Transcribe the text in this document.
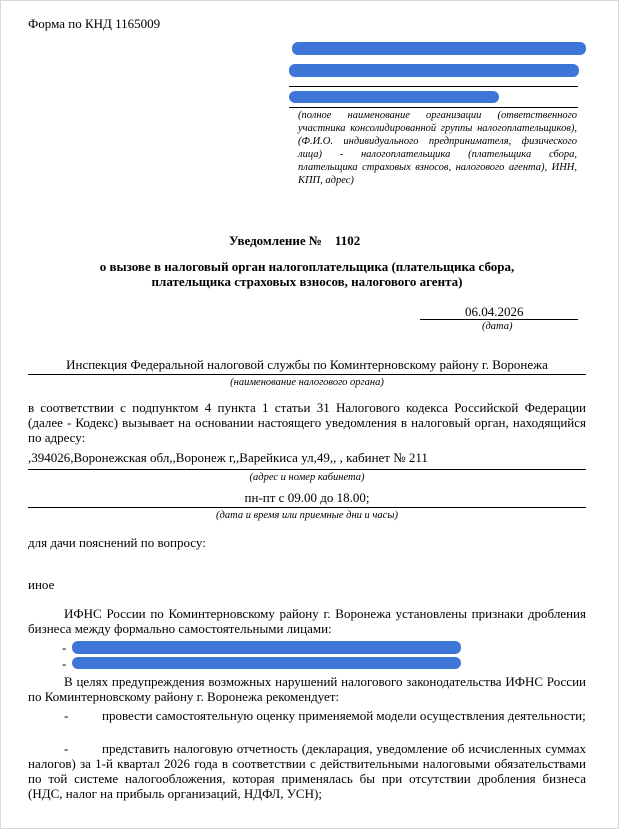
Форма по КНД 1165009
(полное наименование организации (ответственного участника консолидированной группы налогоплательщиков), (Ф.И.О. индивидуального предпринимателя, физического лица) - налогоплательщика (плательщика сбора, плательщика страховых взносов, налогового агента), ИНН, КПП, адрес)
Уведомление № 1102
о вызове в налоговый орган налогоплательщика (плательщика сбора,
плательщика страховых взносов, налогового агента)
06.04.2026
(дата)
Инспекция Федеральной налоговой службы по Коминтерновскому району г. Воронежа
(наименование налогового органа)
в соответствии с подпунктом 4 пункта 1 статьи 31 Налогового кодекса Российской Федерации (далее - Кодекс) вызывает на основании настоящего уведомления в налоговый орган, находящийся по адресу:
,394026,Воронежская обл,,Воронеж г,,Варейкиса ул,49,, , кабинет № 211
(адрес и номер кабинета)
пн-пт с 09.00 до 18.00;
(дата и время или приемные дни и часы)
для дачи пояснений по вопросу:
иное
ИФНС России по Коминтерновскому району г. Воронежа установлены признаки дробления бизнеса между формально самостоятельными лицами:
-
-
В целях предупреждения возможных нарушений налогового законодательства ИФНС России по Коминтерновскому району г. Воронежа рекомендует:
-	провести самостоятельную оценку применяемой модели осуществления деятельности;
-	представить налоговую отчетность (декларация, уведомление об исчисленных суммах налогов) за 1-й квартал 2026 года в соответствии с действительными налоговыми обязательствами по той системе налогообложения, которая применялась бы при отсутствии дробления бизнеса (НДС, налог на прибыль организаций, НДФЛ, УСН);
